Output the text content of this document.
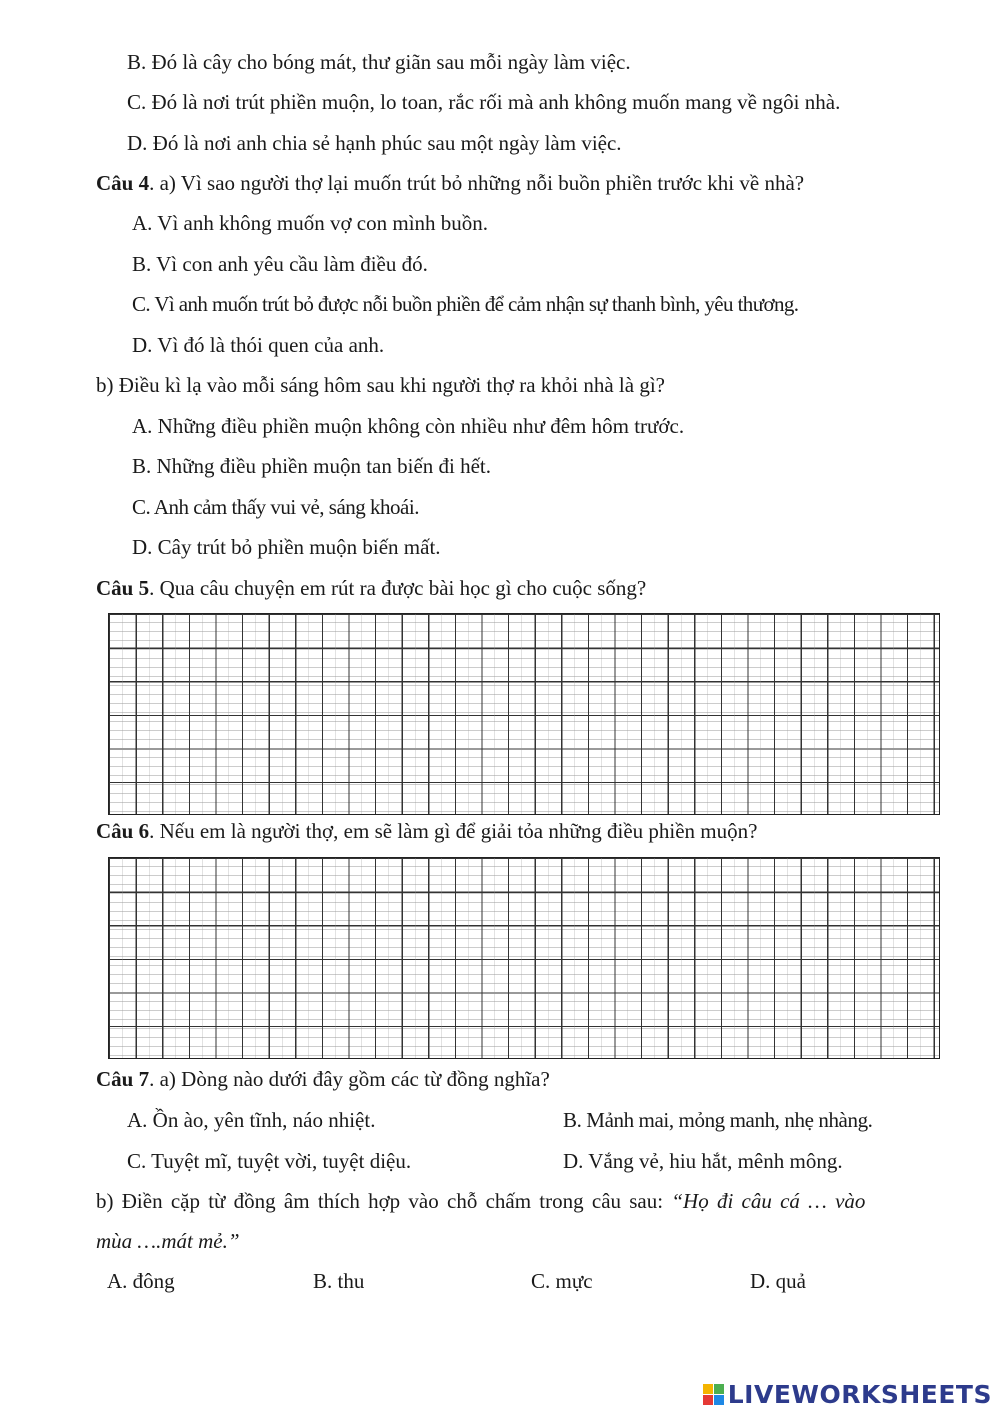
B. Đó là cây cho bóng mát, thư giãn sau mỗi ngày làm việc.
C. Đó là nơi trút phiền muộn, lo toan, rắc rối mà anh không muốn mang về ngôi nhà.
D. Đó là nơi anh chia sẻ hạnh phúc sau một ngày làm việc.
Câu 4. a) Vì sao người thợ lại muốn trút bỏ những nỗi buồn phiền trước khi về nhà?
A. Vì anh không muốn vợ con mình buồn.
B. Vì con anh yêu cầu làm điều đó.
C. Vì anh muốn trút bỏ được nỗi buồn phiền để cảm nhận sự thanh bình, yêu thương.
D. Vì đó là thói quen của anh.
b) Điều kì lạ vào mỗi sáng hôm sau khi người thợ ra khỏi nhà là gì?
A. Những điều phiền muộn không còn nhiều như đêm hôm trước.
B. Những điều phiền muộn tan biến đi hết.
C. Anh cảm thấy vui vẻ, sáng khoái.
D. Cây trút bỏ phiền muộn biến mất.
Câu 5. Qua câu chuyện em rút ra được bài học gì cho cuộc sống?
Câu 6. Nếu em là người thợ, em sẽ làm gì để giải tỏa những điều phiền muộn?
Câu 7. a) Dòng nào dưới đây gồm các từ đồng nghĩa?
A. Ồn ào, yên tĩnh, náo nhiệt.	B. Mảnh mai, mỏng manh, nhẹ nhàng.
C. Tuyệt mĩ, tuyệt vời, tuyệt diệu.	D. Vắng vẻ, hiu hắt, mênh mông.
b) Điền cặp từ đồng âm thích hợp vào chỗ chấm trong câu sau: “Họ đi câu cá … vào
mùa ….mát mẻ.”
A. đông	B. thu	C. mực	D. quả
LIVEWORKSHEETS
